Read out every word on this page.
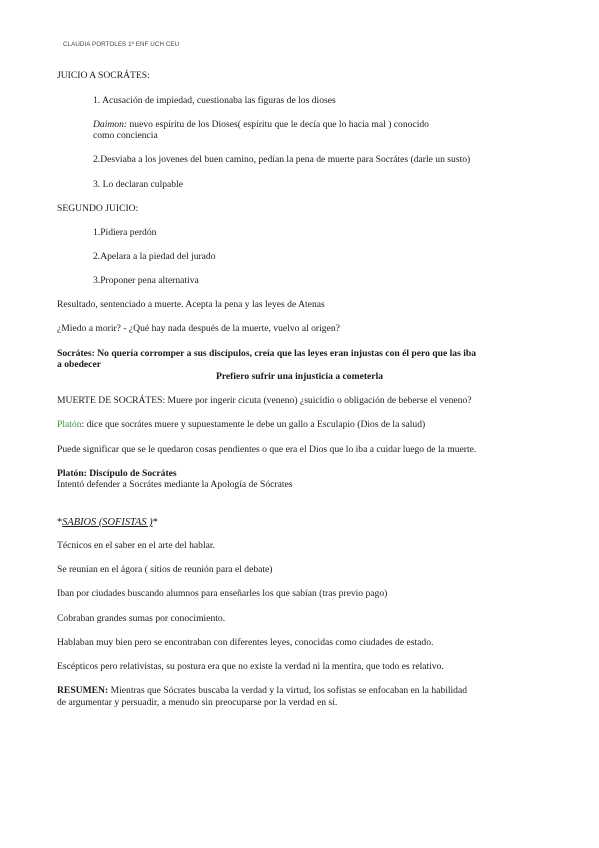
CLAUDIA PORTOLES 1º ENF UCH CEU
JUICIO A SOCRÁTES:
1. Acusación de impiedad, cuestionaba las figuras de los dioses
Daimon: nuevo espíritu de los Dioses( espíritu que le decía que lo hacia mal ) conocido
como conciencia
2.Desviaba a los jovenes del buen camino, pedían la pena de muerte para Socrátes (darle un susto)
3. Lo declaran culpable
SEGUNDO JUICIO:
1.Pidiera perdón
2.Apelara a la piedad del jurado
3.Proponer pena alternativa
Resultado, sentenciado a muerte. Acepta la pena y las leyes de Atenas
¿Miedo a morir? - ¿Qué hay nada después de la muerte, vuelvo al origen?
Socrátes: No quería corromper a sus discípulos, creía que las leyes eran injustas con él pero que las iba
a obedecer
Prefiero sufrir una injusticia a cometerla
MUERTE DE SOCRÁTES: Muere por ingerir cicuta (veneno) ¿suicidio o obligación de beberse el veneno?
Platón: dice que socrátes muere y supuestamente le debe un gallo a Esculapio (Dios de la salud)
Puede significar que se le quedaron cosas pendientes o que era el Dios que lo iba a cuidar luego de la muerte.
Platón: Discípulo de Socrátes
Intentó defender a Socrátes mediante la Apología de Sócrates
*SABIOS (SOFISTAS )*
Técnicos en el saber en el arte del hablar.
Se reunían en el ágora ( sitios de reunión para el debate)
Iban por ciudades buscando alumnos para enseñarles los que sabían (tras previo pago)
Cobraban grandes sumas por conocimiento.
Hablaban muy bien pero se encontraban con diferentes leyes, conocidas como ciudades de estado.
Escépticos pero relativistas, su postura era que no existe la verdad ni la mentira, que todo es relativo.
RESUMEN: Mientras que Sócrates buscaba la verdad y la virtud, los sofistas se enfocaban en la habilidad
de argumentar y persuadir, a menudo sin preocuparse por la verdad en sí.
